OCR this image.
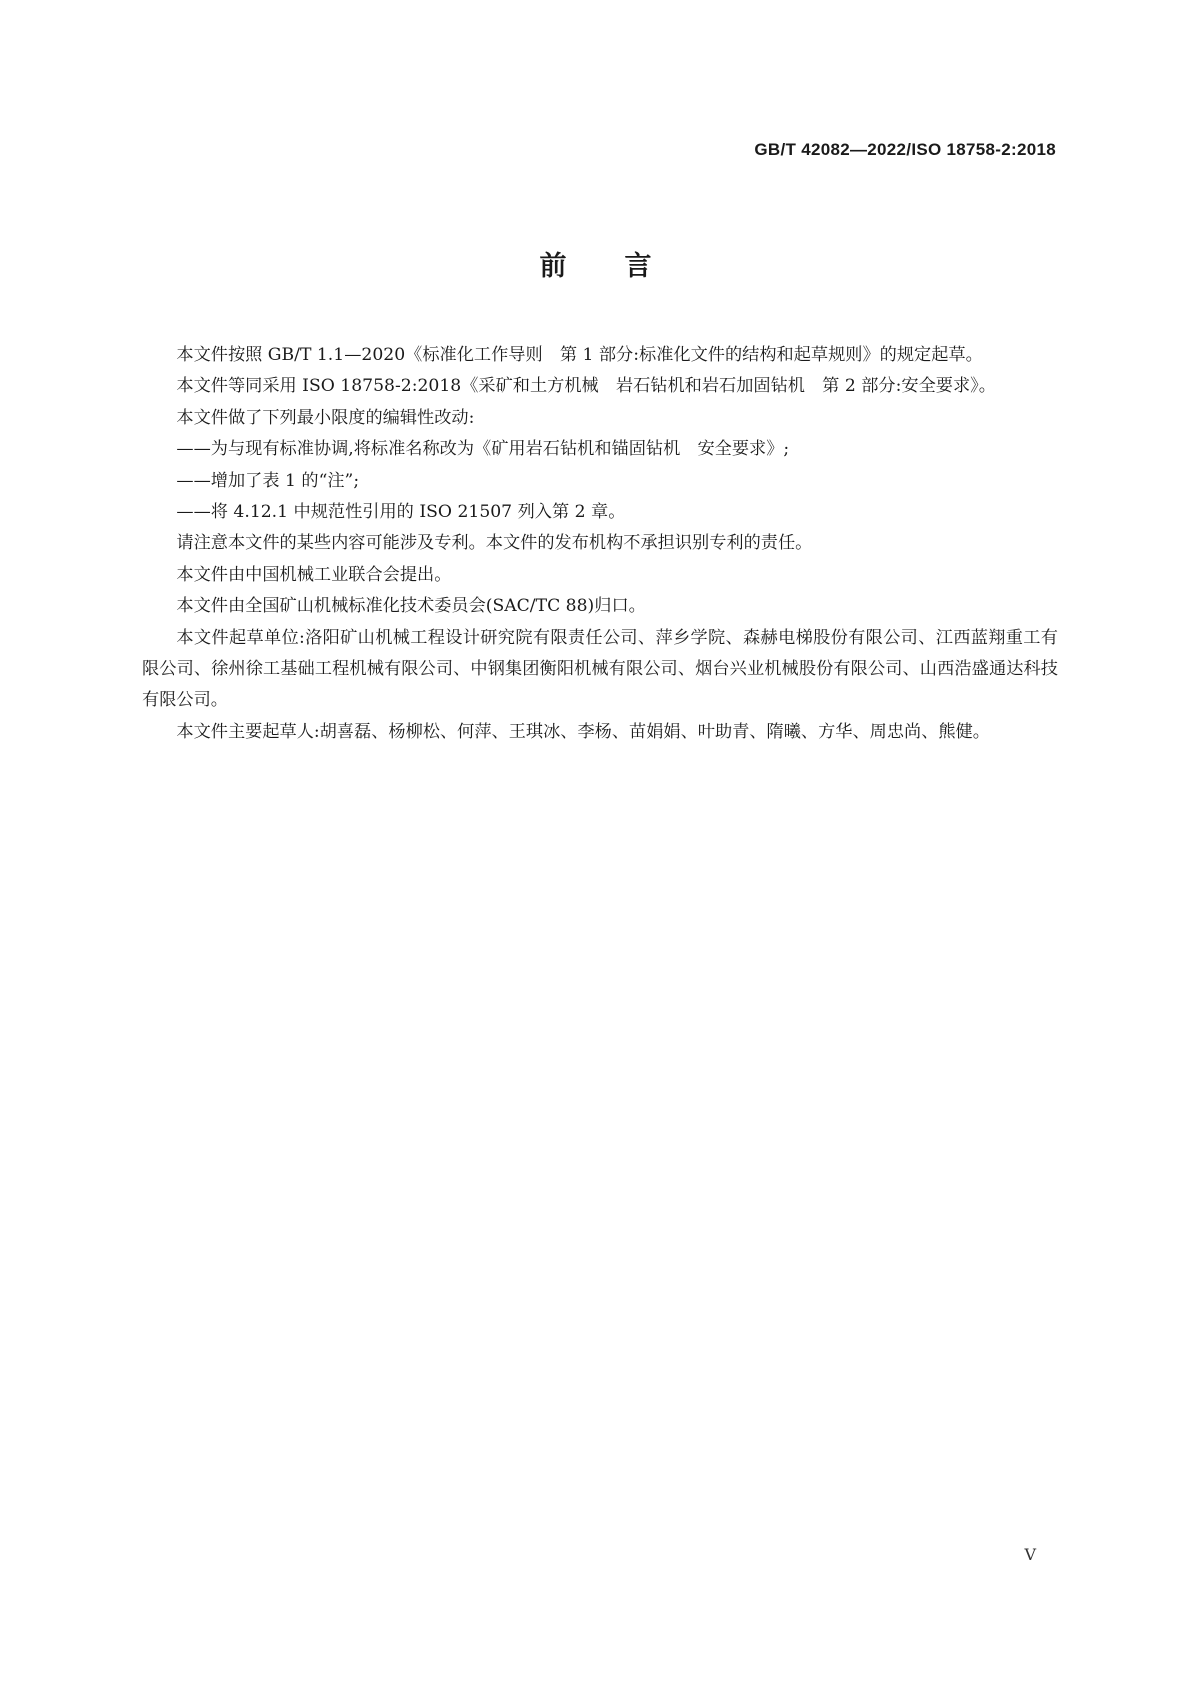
GB/T 42082—2022/ISO 18758-2:2018
前言

本文件按照 GB/T 1.1—2020《标准化工作导则　第 1 部分:标准化文件的结构和起草规则》的规定起草。

本文件等同采用 ISO 18758-2:2018《采矿和土方机械　岩石钻机和岩石加固钻机　第 2 部分:安全要求》。

本文件做了下列最小限度的编辑性改动:

——为与现有标准协调,将标准名称改为《矿用岩石钻机和锚固钻机　安全要求》;

——增加了表 1 的“注”;

——将 4.12.1 中规范性引用的 ISO 21507 列入第 2 章。

请注意本文件的某些内容可能涉及专利。本文件的发布机构不承担识别专利的责任。

本文件由中国机械工业联合会提出。

本文件由全国矿山机械标准化技术委员会(SAC/TC 88)归口。

本文件起草单位:洛阳矿山机械工程设计研究院有限责任公司、萍乡学院、森赫电梯股份有限公司、江西蓝翔重工有限公司、徐州徐工基础工程机械有限公司、中钢集团衡阳机械有限公司、烟台兴业机械股份有限公司、山西浩盛通达科技有限公司。

本文件主要起草人:胡喜磊、杨柳松、何萍、王琪冰、李杨、苗娟娟、叶助青、隋曦、方华、周忠尚、熊健。

V
